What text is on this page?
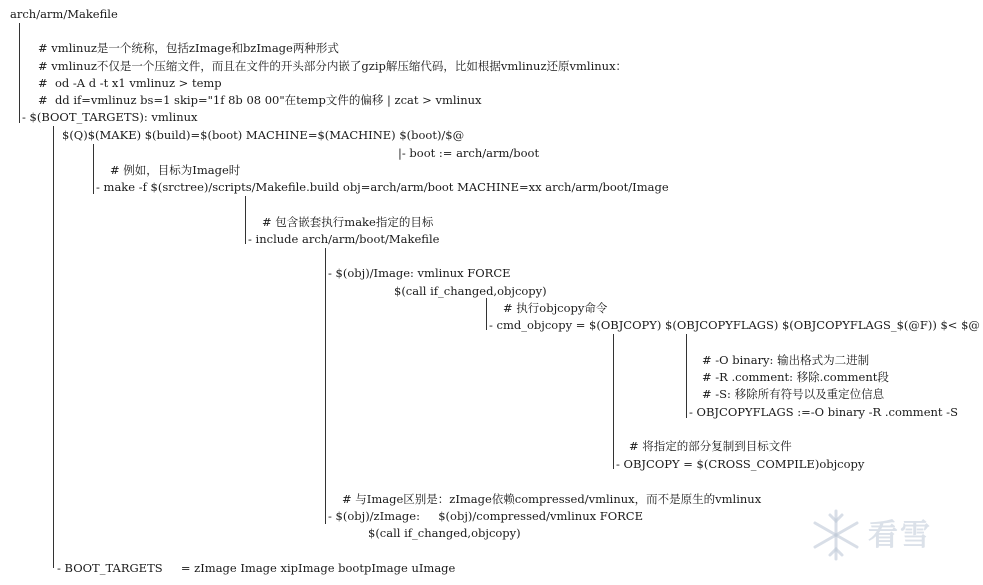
arch/arm/Makefile
# vmlinuz是一个统称，包括zImage和bzImage两种形式
# vmlinuz不仅是一个压缩文件，而且在文件的开头部分内嵌了gzip解压缩代码，比如根据vmlinuz还原vmlinux：
#  od -A d -t x1 vmlinuz > temp
#  dd if=vmlinuz bs=1 skip="1f 8b 08 00"在temp文件的偏移 | zcat > vmlinux
- $(BOOT_TARGETS): vmlinux
$(Q)$(MAKE) $(build)=$(boot) MACHINE=$(MACHINE) $(boot)/$@
|- boot := arch/arm/boot
# 例如，目标为Image时
- make -f $(srctree)/scripts/Makefile.build obj=arch/arm/boot MACHINE=xx arch/arm/boot/Image
# 包含嵌套执行make指定的目标
- include arch/arm/boot/Makefile
- $(obj)/Image: vmlinux FORCE
$(call if_changed,objcopy)
# 执行objcopy命令
- cmd_objcopy = $(OBJCOPY) $(OBJCOPYFLAGS) $(OBJCOPYFLAGS_$(@F)) $< $@
# -O binary: 输出格式为二进制
# -R .comment: 移除.comment段
# -S: 移除所有符号以及重定位信息
- OBJCOPYFLAGS :=-O binary -R .comment -S
# 将指定的部分复制到目标文件
- OBJCOPY = $(CROSS_COMPILE)objcopy
# 与Image区别是：zImage依赖compressed/vmlinux，而不是原生的vmlinux
- $(obj)/zImage:     $(obj)/compressed/vmlinux FORCE
$(call if_changed,objcopy)
- BOOT_TARGETS     = zImage Image xipImage bootpImage uImage
看雪
